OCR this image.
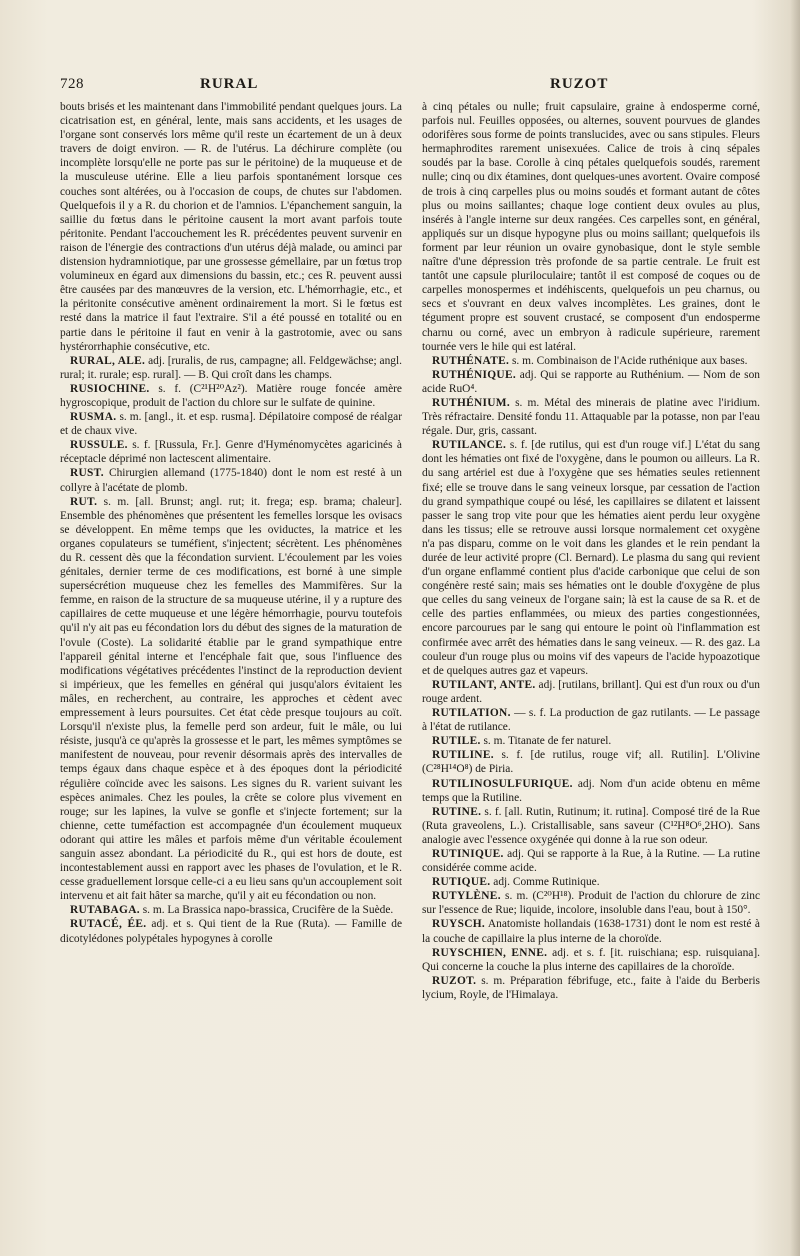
728	RURAL	RUZOT

bouts brisés et les maintenant dans l'immobilité pendant quelques jours. La cicatrisation est, en général, lente, mais sans accidents, et les usages de l'organe sont conservés lors même qu'il reste un écartement de un à deux travers de doigt environ. — R. de l'utérus. La déchirure complète (ou incomplète lorsqu'elle ne porte pas sur le péritoine) de la muqueuse et de la musculeuse utérine. Elle a lieu parfois spontanément lorsque ces couches sont altérées, ou à l'occasion de coups, de chutes sur l'abdomen. Quelquefois il y a R. du chorion et de l'amnios. L'épanchement sanguin, la saillie du fœtus dans le péritoine causent la mort avant parfois toute péritonite. Pendant l'accouchement les R. précédentes peuvent survenir en raison de l'énergie des contractions d'un utérus déjà malade, ou aminci par distension hydramniotique, par une grossesse gémellaire, par un fœtus trop volumineux en égard aux dimensions du bassin, etc.; ces R. peuvent aussi être causées par des manœuvres de la version, etc. L'hémorrhagie, etc., et la péritonite consécutive amènent ordinairement la mort. Si le fœtus est resté dans la matrice il faut l'extraire. S'il a été poussé en totalité ou en partie dans le péritoine il faut en venir à la gastrotomie, avec ou sans hystérorrhaphie consécutive, etc.

RURAL, ALE. adj. [ruralis, de rus, campagne; all. Feldgewächse; angl. rural; it. rurale; esp. rural]. — B. Qui croît dans les champs.

RUSIOCHINE. s. f. (C²¹H²⁰Az²). Matière rouge foncée amère hygroscopique, produit de l'action du chlore sur le sulfate de quinine.

RUSMA. s. m. [angl., it. et esp. rusma]. Dépilatoire composé de réalgar et de chaux vive.

RUSSULE. s. f. [Russula, Fr.]. Genre d'Hyménomycètes agaricinés à réceptacle déprimé non lactescent alimentaire.

RUST. Chirurgien allemand (1775-1840) dont le nom est resté à un collyre à l'acétate de plomb.

RUT. s. m. [all. Brunst; angl. rut; it. frega; esp. brama; chaleur]. Ensemble des phénomènes que présentent les femelles lorsque les ovisacs se développent. En même temps que les oviductes, la matrice et les organes copulateurs se tuméfient, s'injectent; sécrètent. Les phénomènes du R. cessent dès que la fécondation survient. L'écoulement par les voies génitales, dernier terme de ces modifications, est borné à une simple supersécrétion muqueuse chez les femelles des Mammifères. Sur la femme, en raison de la structure de sa muqueuse utérine, il y a rupture des capillaires de cette muqueuse et une légère hémorrhagie, pourvu toutefois qu'il n'y ait pas eu fécondation lors du début des signes de la maturation de l'ovule (Coste). La solidarité établie par le grand sympathique entre l'appareil génital interne et l'encéphale fait que, sous l'influence des modifications végétatives précédentes l'instinct de la reproduction devient si impérieux, que les femelles en général qui jusqu'alors évitaient les mâles, en recherchent, au contraire, les approches et cèdent avec empressement à leurs poursuites. Cet état cède presque toujours au coït. Lorsqu'il n'existe plus, la femelle perd son ardeur, fuit le mâle, ou lui résiste, jusqu'à ce qu'après la grossesse et le part, les mêmes symptômes se manifestent de nouveau, pour revenir désormais après des intervalles de temps égaux dans chaque espèce et à des époques dont la périodicité régulière coïncide avec les saisons. Les signes du R. varient suivant les espèces animales. Chez les poules, la crête se colore plus vivement en rouge; sur les lapines, la vulve se gonfle et s'injecte fortement; sur la chienne, cette tuméfaction est accompagnée d'un écoulement muqueux odorant qui attire les mâles et parfois même d'un véritable écoulement sanguin assez abondant. La périodicité du R., qui est hors de doute, est incontestablement aussi en rapport avec les phases de l'ovulation, et le R. cesse graduellement lorsque celle-ci a eu lieu sans qu'un accouplement soit intervenu et ait fait hâter sa marche, qu'il y ait eu fécondation ou non.

RUTABAGA. s. m. La Brassica napo-brassica, Crucifère de la Suède.

RUTACÉ, ÉE. adj. et s. Qui tient de la Rue (Ruta). — Famille de dicotylédones polypétales hypogynes à corolle

à cinq pétales ou nulle; fruit capsulaire, graine à endosperme corné, parfois nul. Feuilles opposées, ou alternes, souvent pourvues de glandes odorifères sous forme de points translucides, avec ou sans stipules. Fleurs hermaphrodites rarement unisexuées. Calice de trois à cinq sépales soudés par la base. Corolle à cinq pétales quelquefois soudés, rarement nulle; cinq ou dix étamines, dont quelques-unes avortent. Ovaire composé de trois à cinq carpelles plus ou moins soudés et formant autant de côtes plus ou moins saillantes; chaque loge contient deux ovules au plus, insérés à l'angle interne sur deux rangées. Ces carpelles sont, en général, appliqués sur un disque hypogyne plus ou moins saillant; quelquefois ils forment par leur réunion un ovaire gynobasique, dont le style semble naître d'une dépression très profonde de sa partie centrale. Le fruit est tantôt une capsule pluriloculaire; tantôt il est composé de coques ou de carpelles monospermes et indéhiscents, quelquefois un peu charnus, ou secs et s'ouvrant en deux valves incomplètes. Les graines, dont le tégument propre est souvent crustacé, se composent d'un endosperme charnu ou corné, avec un embryon à radicule supérieure, rarement tournée vers le hile qui est latéral.

RUTHÉNATE. s. m. Combinaison de l'Acide ruthénique aux bases.

RUTHÉNIQUE. adj. Qui se rapporte au Ruthénium. — Nom de son acide RuO⁴.

RUTHÉNIUM. s. m. Métal des minerais de platine avec l'iridium. Très réfractaire. Densité fondu 11. Attaquable par la potasse, non par l'eau régale. Dur, gris, cassant.

RUTILANCE. s. f. [de rutilus, qui est d'un rouge vif.] L'état du sang dont les hématies ont fixé de l'oxygène, dans le poumon ou ailleurs. La R. du sang artériel est due à l'oxygène que ses hématies seules retiennent fixé; elle se trouve dans le sang veineux lorsque, par cessation de l'action du grand sympathique coupé ou lésé, les capillaires se dilatent et laissent passer le sang trop vite pour que les hématies aient perdu leur oxygène dans les tissus; elle se retrouve aussi lorsque normalement cet oxygène n'a pas disparu, comme on le voit dans les glandes et le rein pendant la durée de leur activité propre (Cl. Bernard). Le plasma du sang qui revient d'un organe enflammé contient plus d'acide carbonique que celui de son congénère resté sain; mais ses hématies ont le double d'oxygène de plus que celles du sang veineux de l'organe sain; là est la cause de sa R. et de celle des parties enflammées, ou mieux des parties congestionnées, encore parcourues par le sang qui entoure le point où l'inflammation est confirmée avec arrêt des hématies dans le sang veineux. — R. des gaz. La couleur d'un rouge plus ou moins vif des vapeurs de l'acide hypoazotique et de quelques autres gaz et vapeurs.

RUTILANT, ANTE. adj. [rutilans, brillant]. Qui est d'un roux ou d'un rouge ardent.

RUTILATION. — s. f. La production de gaz rutilants. — Le passage à l'état de rutilance.

RUTILE. s. m. Titanate de fer naturel.

RUTILINE. s. f. [de rutilus, rouge vif; all. Rutilin]. L'Olivine (C²⁸H¹⁴O⁸) de Piria.

RUTILINOSULFURIQUE. adj. Nom d'un acide obtenu en même temps que la Rutiline.

RUTINE. s. f. [all. Rutin, Rutinum; it. rutina]. Composé tiré de la Rue (Ruta graveolens, L.). Cristallisable, sans saveur (C¹²H⁸O⁶,2HO). Sans analogie avec l'essence oxygénée qui donne à la rue son odeur.

RUTINIQUE. adj. Qui se rapporte à la Rue, à la Rutine. — La rutine considérée comme acide.

RUTIQUE. adj. Comme Rutinique.

RUTYLÈNE. s. m. (C²⁰H¹⁸). Produit de l'action du chlorure de zinc sur l'essence de Rue; liquide, incolore, insoluble dans l'eau, bout à 150°.

RUYSCH. Anatomiste hollandais (1638-1731) dont le nom est resté à la couche de capillaire la plus interne de la choroïde.

RUYSCHIEN, ENNE. adj. et s. f. [it. ruischiana; esp. ruisquiana]. Qui concerne la couche la plus interne des capillaires de la choroïde.

RUZOT. s. m. Préparation fébrifuge, etc., faite à l'aide du Berberis lycium, Royle, de l'Himalaya.
